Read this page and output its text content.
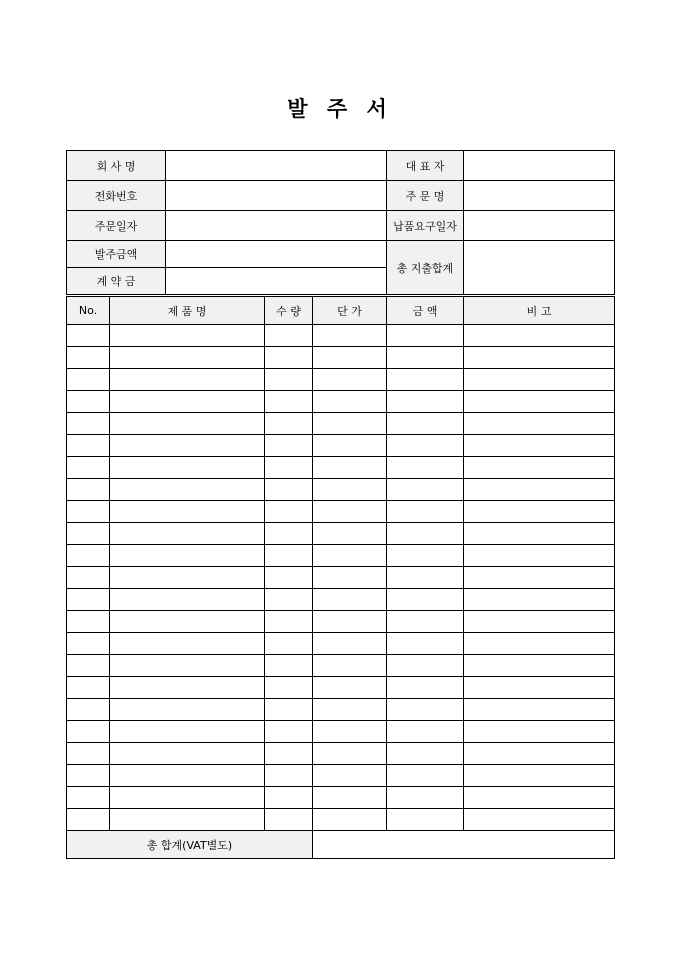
발 주 서
회 사 명		대 표 자	
전화번호		주 문 명	
주문일자		납품요구일자	
발주금액		총 지출합계	
계 약 금			
No.	제 품 명	수 량	단 가	금 액	비 고

총 합계(VAT별도)					
